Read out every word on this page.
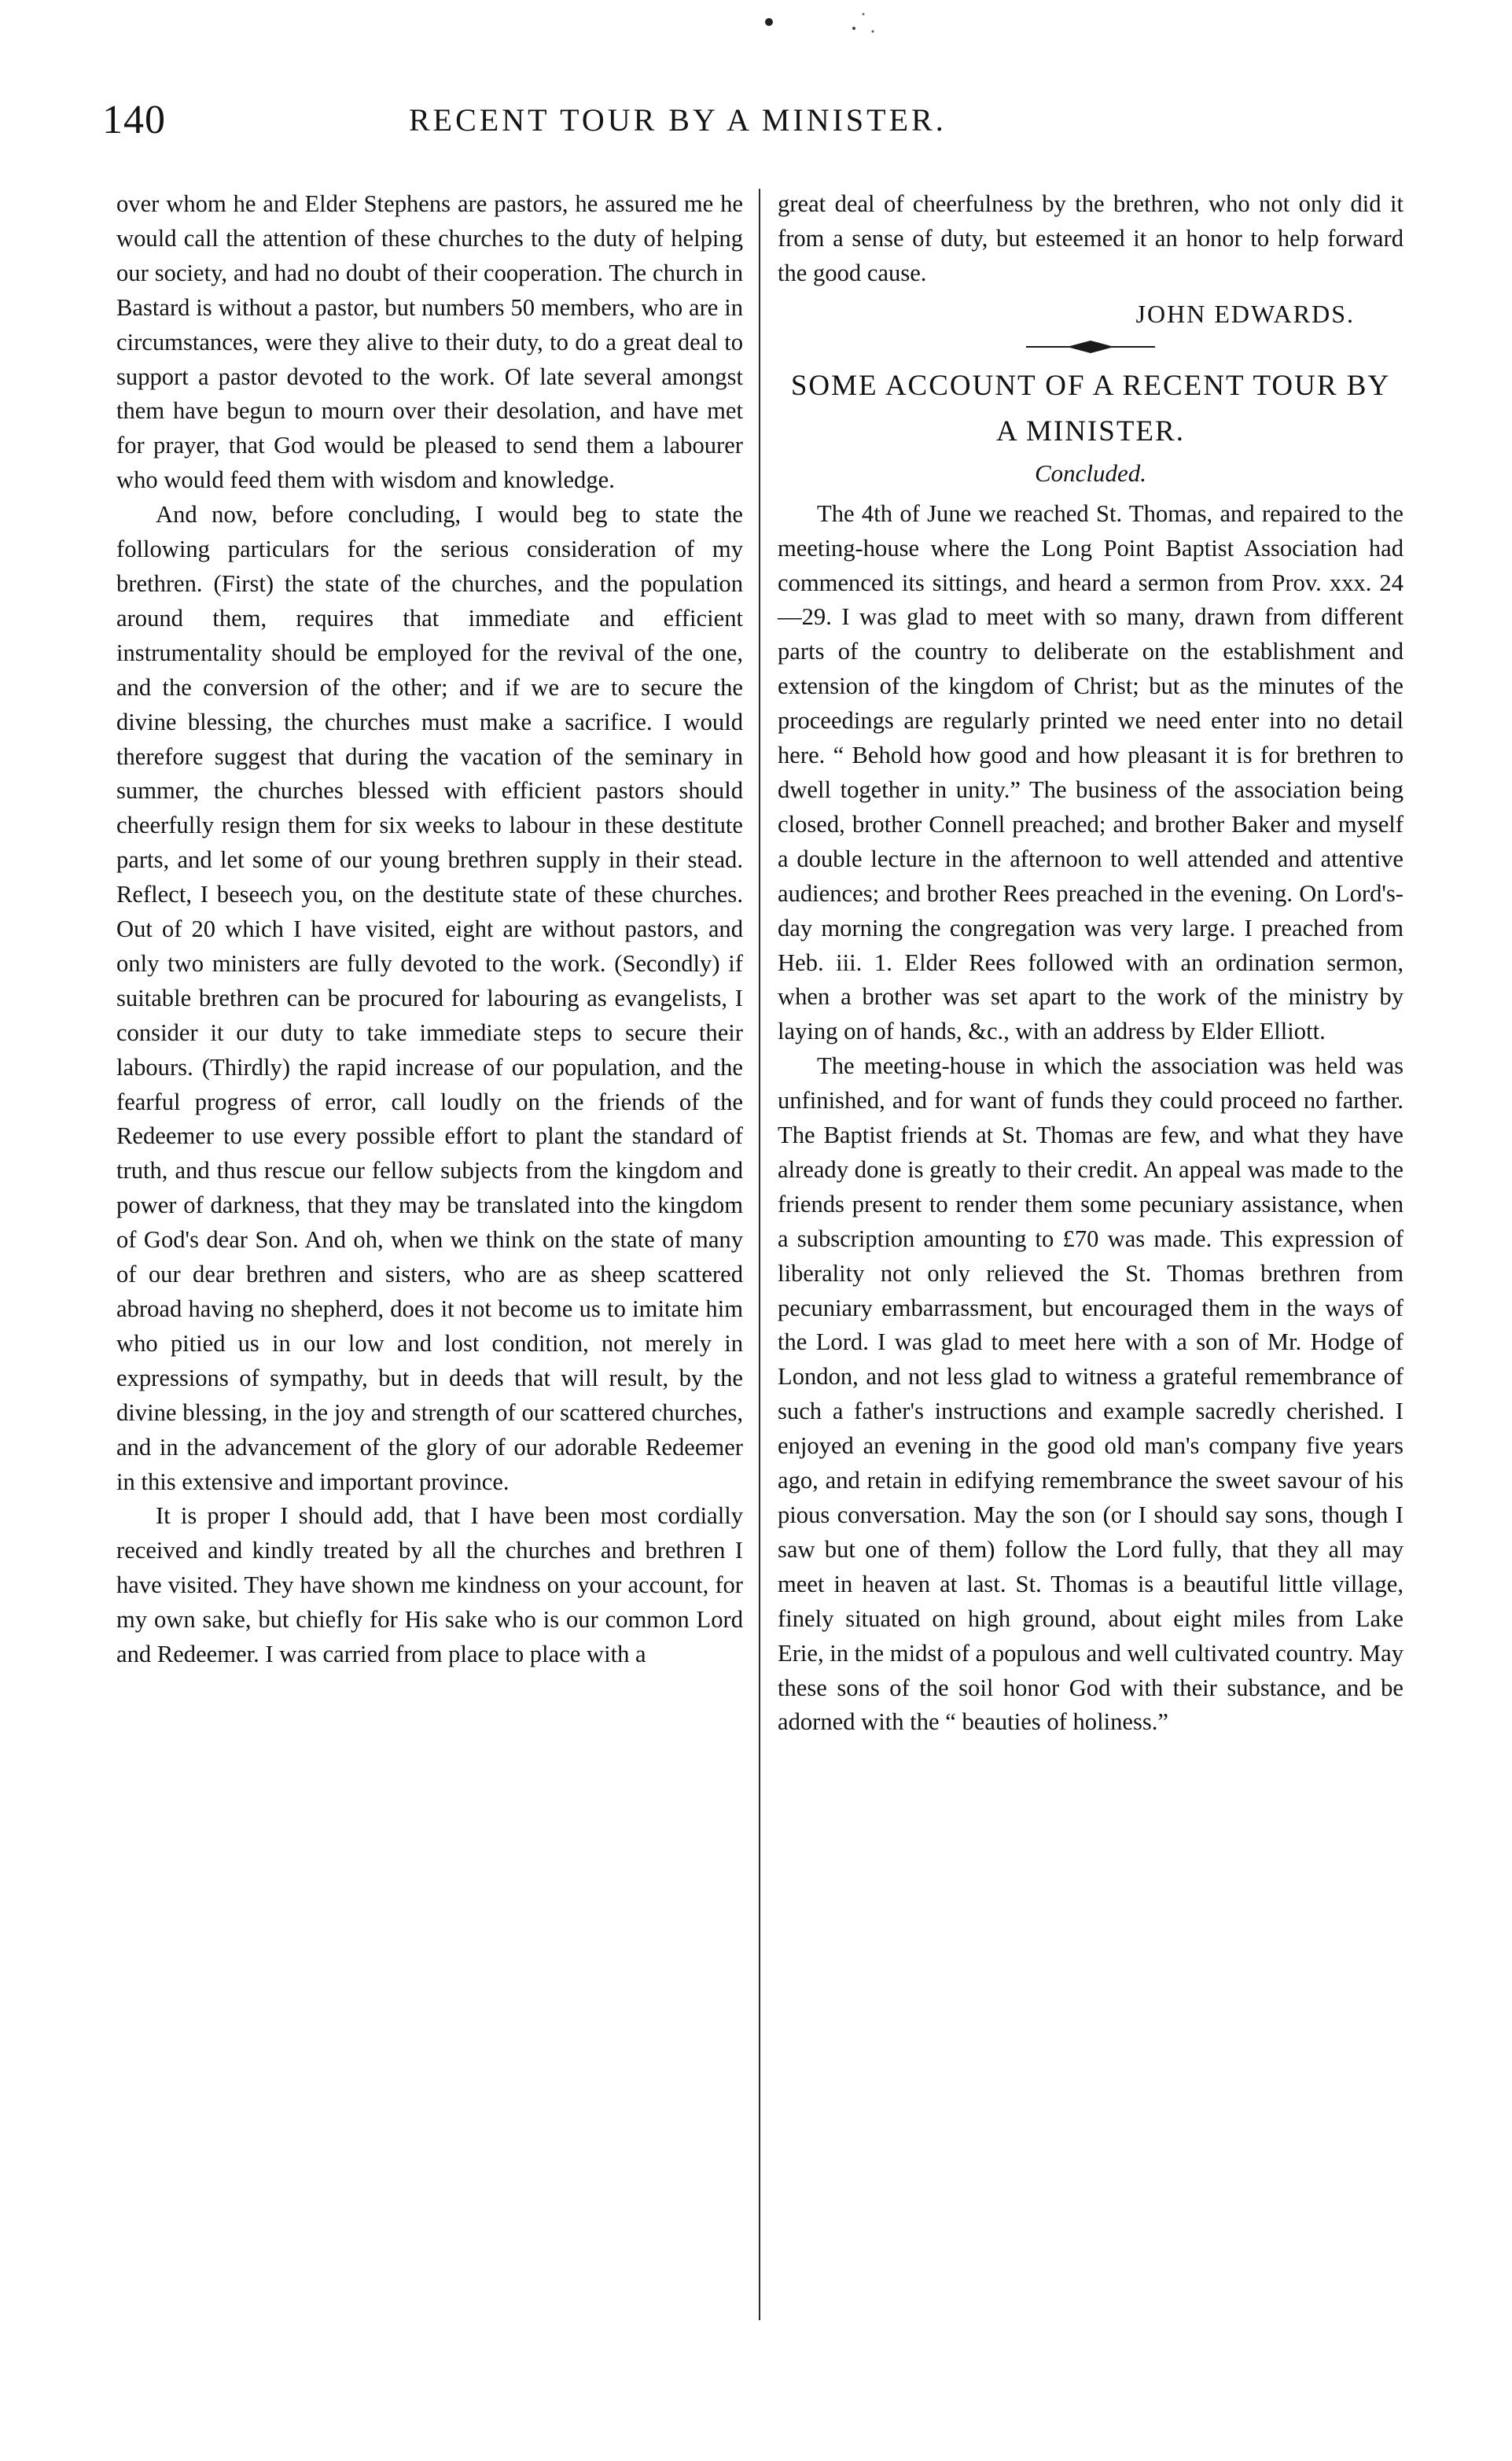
140	RECENT TOUR BY A MINISTER.

over whom he and Elder Stephens are pastors, he assured me he would call the attention of these churches to the duty of helping our society, and had no doubt of their cooperation. The church in Bastard is without a pastor, but numbers 50 members, who are in circumstances, were they alive to their duty, to do a great deal to support a pastor devoted to the work. Of late several amongst them have begun to mourn over their desolation, and have met for prayer, that God would be pleased to send them a labourer who would feed them with wisdom and knowledge.

And now, before concluding, I would beg to state the following particulars for the serious consideration of my brethren. (First) the state of the churches, and the population around them, requires that immediate and efficient instrumentality should be employed for the revival of the one, and the conversion of the other; and if we are to secure the divine blessing, the churches must make a sacrifice. I would therefore suggest that during the vacation of the seminary in summer, the churches blessed with efficient pastors should cheerfully resign them for six weeks to labour in these destitute parts, and let some of our young brethren supply in their stead. Reflect, I beseech you, on the destitute state of these churches. Out of 20 which I have visited, eight are without pastors, and only two ministers are fully devoted to the work. (Secondly) if suitable brethren can be procured for labouring as evangelists, I consider it our duty to take immediate steps to secure their labours. (Thirdly) the rapid increase of our population, and the fearful progress of error, call loudly on the friends of the Redeemer to use every possible effort to plant the standard of truth, and thus rescue our fellow subjects from the kingdom and power of darkness, that they may be translated into the kingdom of God's dear Son. And oh, when we think on the state of many of our dear brethren and sisters, who are as sheep scattered abroad having no shepherd, does it not become us to imitate him who pitied us in our low and lost condition, not merely in expressions of sympathy, but in deeds that will result, by the divine blessing, in the joy and strength of our scattered churches, and in the advancement of the glory of our adorable Redeemer in this extensive and important province.

It is proper I should add, that I have been most cordially received and kindly treated by all the churches and brethren I have visited. They have shown me kindness on your account, for my own sake, but chiefly for His sake who is our common Lord and Redeemer. I was carried from place to place with a

great deal of cheerfulness by the brethren, who not only did it from a sense of duty, but esteemed it an honor to help forward the good cause.

JOHN EDWARDS.

SOME ACCOUNT OF A RECENT TOUR BY A MINISTER.

Concluded.

The 4th of June we reached St. Thomas, and repaired to the meeting-house where the Long Point Baptist Association had commenced its sittings, and heard a sermon from Prov. xxx. 24—29. I was glad to meet with so many, drawn from different parts of the country to deliberate on the establishment and extension of the kingdom of Christ; but as the minutes of the proceedings are regularly printed we need enter into no detail here. “ Behold how good and how pleasant it is for brethren to dwell together in unity.” The business of the association being closed, brother Connell preached; and brother Baker and myself a double lecture in the afternoon to well attended and attentive audiences; and brother Rees preached in the evening. On Lord's-day morning the congregation was very large. I preached from Heb. iii. 1. Elder Rees followed with an ordination sermon, when a brother was set apart to the work of the ministry by laying on of hands, &c., with an address by Elder Elliott.

The meeting-house in which the association was held was unfinished, and for want of funds they could proceed no farther. The Baptist friends at St. Thomas are few, and what they have already done is greatly to their credit. An appeal was made to the friends present to render them some pecuniary assistance, when a subscription amounting to £70 was made. This expression of liberality not only relieved the St. Thomas brethren from pecuniary embarrassment, but encouraged them in the ways of the Lord. I was glad to meet here with a son of Mr. Hodge of London, and not less glad to witness a grateful remembrance of such a father's instructions and example sacredly cherished. I enjoyed an evening in the good old man's company five years ago, and retain in edifying remembrance the sweet savour of his pious conversation. May the son (or I should say sons, though I saw but one of them) follow the Lord fully, that they all may meet in heaven at last. St. Thomas is a beautiful little village, finely situated on high ground, about eight miles from Lake Erie, in the midst of a populous and well cultivated country. May these sons of the soil honor God with their substance, and be adorned with the “ beauties of holiness.”
